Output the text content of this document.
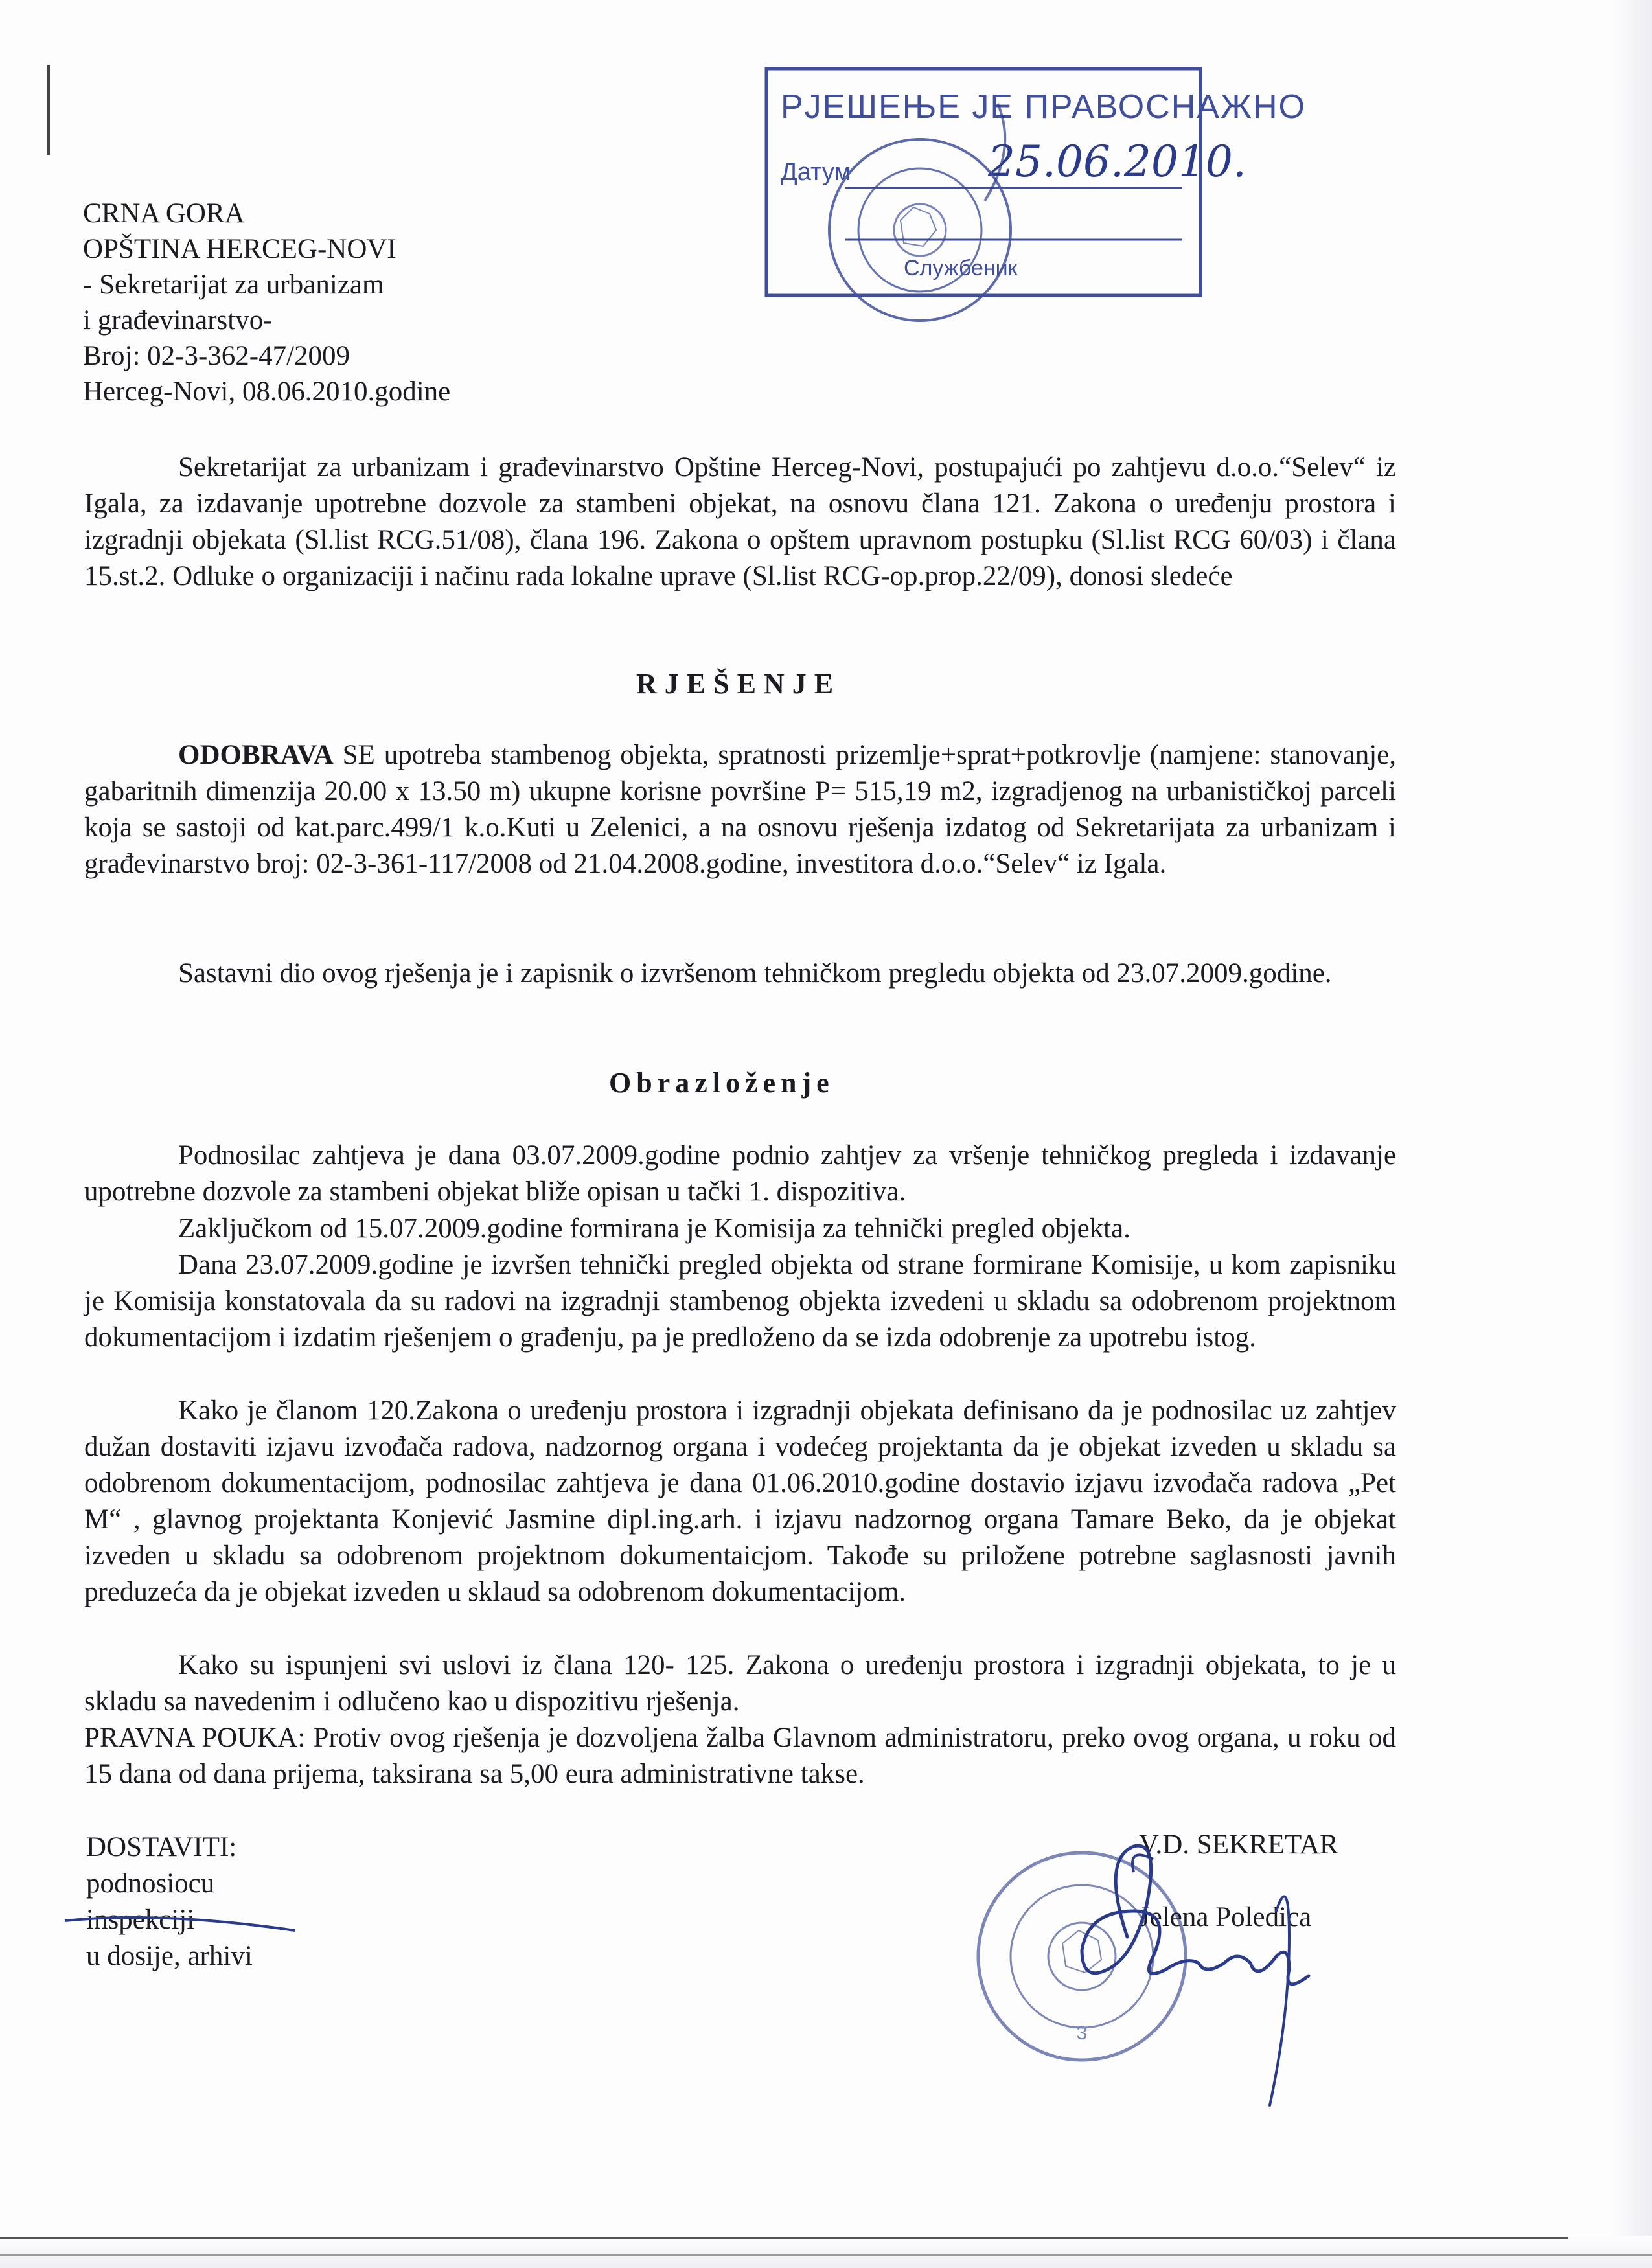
CRNA GORA
OPŠTINA HERCEG-NOVI
- Sekretarijat za urbanizam
i građevinarstvo-
Broj: 02-3-362-47/2009
Herceg-Novi, 08.06.2010.godine
РЈЕШЕЊЕ ЈЕ ПРАВОСНАЖНО
Датум	25.06.2010.
Службеник
Sekretarijat za urbanizam i građevinarstvo Opštine Herceg-Novi, postupajući po zahtjevu d.o.o.“Selev“ iz Igala, za izdavanje upotrebne dozvole za stambeni objekat, na osnovu člana 121. Zakona o uređenju prostora i izgradnji objekata (Sl.list RCG.51/08), člana 196. Zakona o opštem upravnom postupku (Sl.list RCG 60/03) i člana 15.st.2. Odluke o organizaciji i načinu rada lokalne uprave (Sl.list RCG-op.prop.22/09), donosi sledeće
RJEŠENJE
ODOBRAVA SE upotreba stambenog objekta, spratnosti prizemlje+sprat+potkrovlje (namjene: stanovanje, gabaritnih dimenzija 20.00 x 13.50 m) ukupne korisne površine P= 515,19 m2, izgradjenog na urbanističkoj parceli koja se sastoji od kat.parc.499/1 k.o.Kuti u Zelenici, a na osnovu rješenja izdatog od Sekretarijata za urbanizam i građevinarstvo broj: 02-3-361-117/2008 od 21.04.2008.godine, investitora d.o.o.“Selev“ iz Igala.
Sastavni dio ovog rješenja je i zapisnik o izvršenom tehničkom pregledu objekta od 23.07.2009.godine.
Obrazloženje
Podnosilac zahtjeva je dana 03.07.2009.godine podnio zahtjev za vršenje tehničkog pregleda i izdavanje upotrebne dozvole za stambeni objekat bliže opisan u tački 1. dispozitiva.
Zaključkom od 15.07.2009.godine formirana je Komisija za tehnički pregled objekta.
Dana 23.07.2009.godine je izvršen tehnički pregled objekta od strane formirane Komisije, u kom zapisniku je Komisija konstatovala da su radovi na izgradnji stambenog objekta izvedeni u skladu sa odobrenom projektnom dokumentacijom i izdatim rješenjem o građenju, pa je predloženo da se izda odobrenje za upotrebu istog.
Kako je članom 120.Zakona o uređenju prostora i izgradnji objekata definisano da je podnosilac uz zahtjev dužan dostaviti izjavu izvođača radova, nadzornog organa i vodećeg projektanta da je objekat izveden u skladu sa odobrenom dokumentacijom, podnosilac zahtjeva je dana 01.06.2010.godine dostavio izjavu izvođača radova „Pet M“ , glavnog projektanta Konjević Jasmine dipl.ing.arh. i izjavu nadzornog organa Tamare Beko, da je objekat izveden u skladu sa odobrenom projektnom dokumentaicjom. Takođe su priložene potrebne saglasnosti javnih preduzeća da je objekat izveden u sklaud sa odobrenom dokumentacijom.
Kako su ispunjeni svi uslovi iz člana 120- 125. Zakona o uređenju prostora i izgradnji objekata, to je u skladu sa navedenim i odlučeno kao u dispozitivu rješenja.
PRAVNA POUKA: Protiv ovog rješenja je dozvoljena žalba Glavnom administratoru, preko ovog organa, u roku od 15 dana od dana prijema, taksirana sa 5,00 eura administrativne takse.
DOSTAVITI:
podnosiocu
inspekciji
u dosije, arhivi
3
V.D. SEKRETAR
Jelena Poledica
